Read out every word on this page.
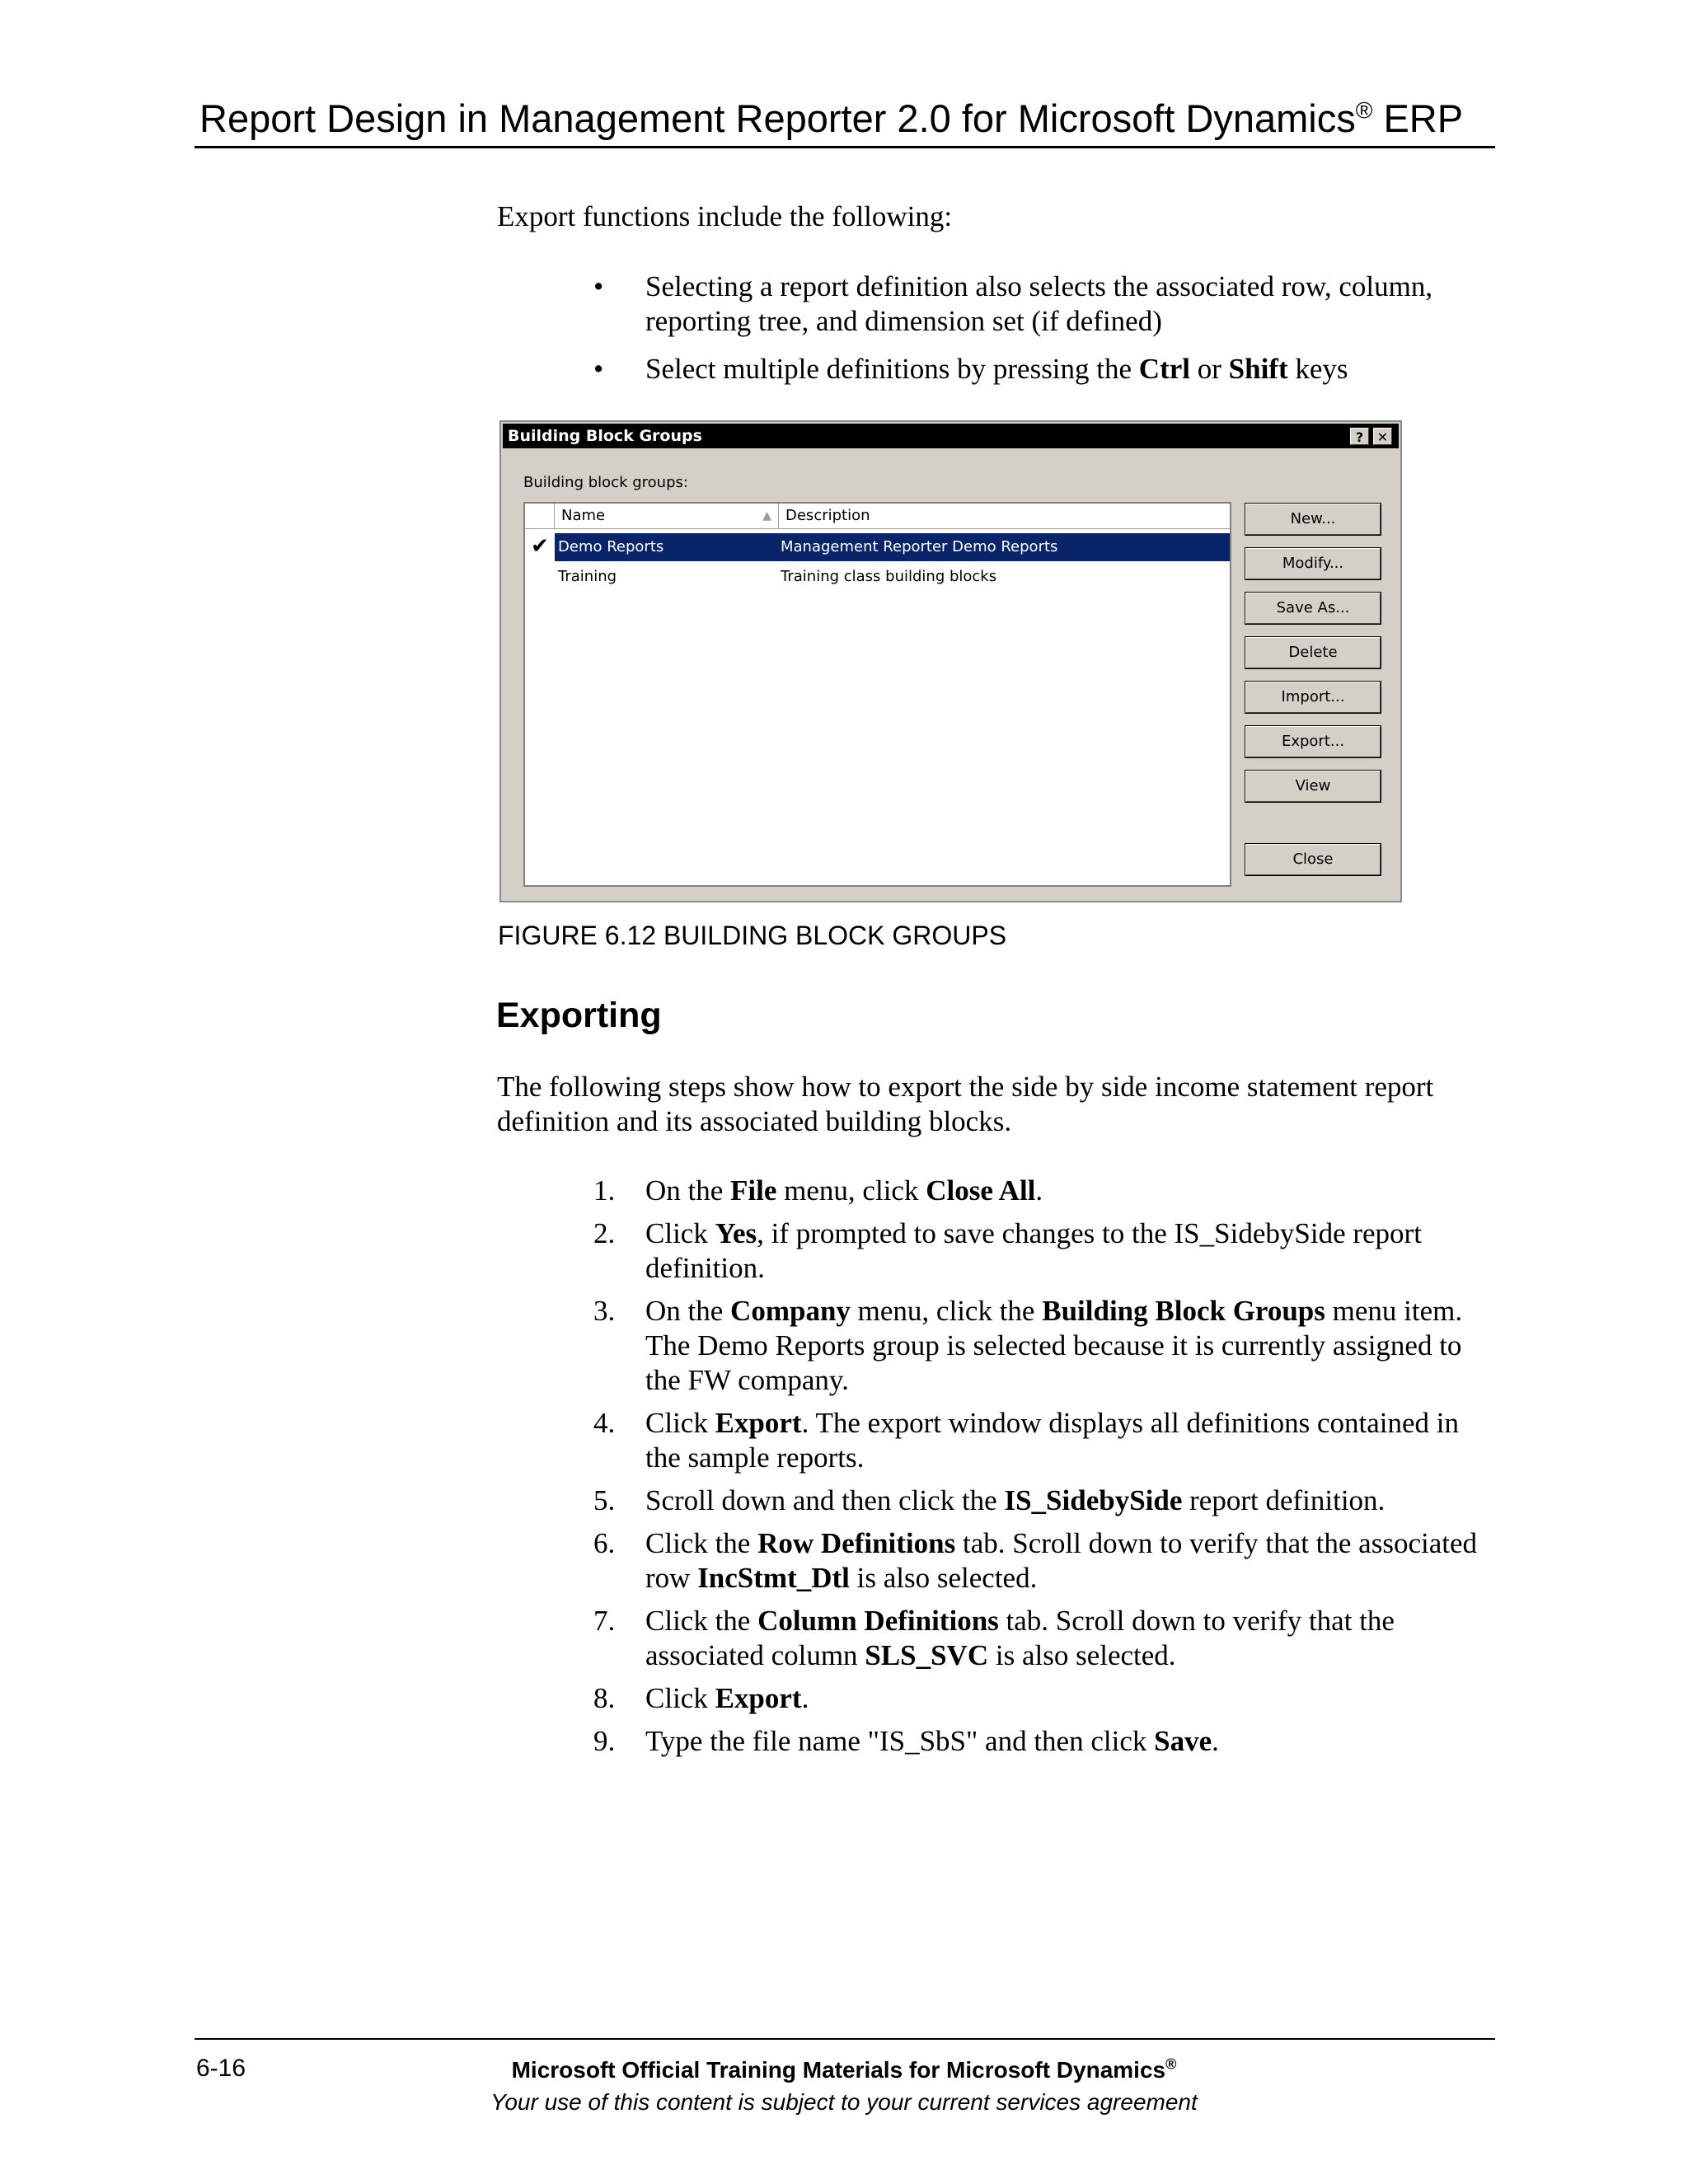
Report Design in Management Reporter 2.0 for Microsoft Dynamics® ERP
Export functions include the following:
• Selecting a report definition also selects the associated row, column, reporting tree, and dimension set (if defined)
• Select multiple definitions by pressing the Ctrl or Shift keys
Building Block Groups	?	✕
Building block groups:
Name	▲ Description
✔ Demo Reports	Management Reporter Demo Reports
Training	Training class building blocks
New...
Modify...
Save As...
Delete
Import...
Export...
View
Close
FIGURE 6.12 BUILDING BLOCK GROUPS
Exporting
The following steps show how to export the side by side income statement report definition and its associated building blocks.
1. On the File menu, click Close All.
2. Click Yes, if prompted to save changes to the IS_SidebySide report definition.
3. On the Company menu, click the Building Block Groups menu item. The Demo Reports group is selected because it is currently assigned to the FW company.
4. Click Export. The export window displays all definitions contained in the sample reports.
5. Scroll down and then click the IS_SidebySide report definition.
6. Click the Row Definitions tab. Scroll down to verify that the associated row IncStmt_Dtl is also selected.
7. Click the Column Definitions tab. Scroll down to verify that the associated column SLS_SVC is also selected.
8. Click Export.
9. Type the file name "IS_SbS" and then click Save.
6-16	Microsoft Official Training Materials for Microsoft Dynamics®
Your use of this content is subject to your current services agreement
